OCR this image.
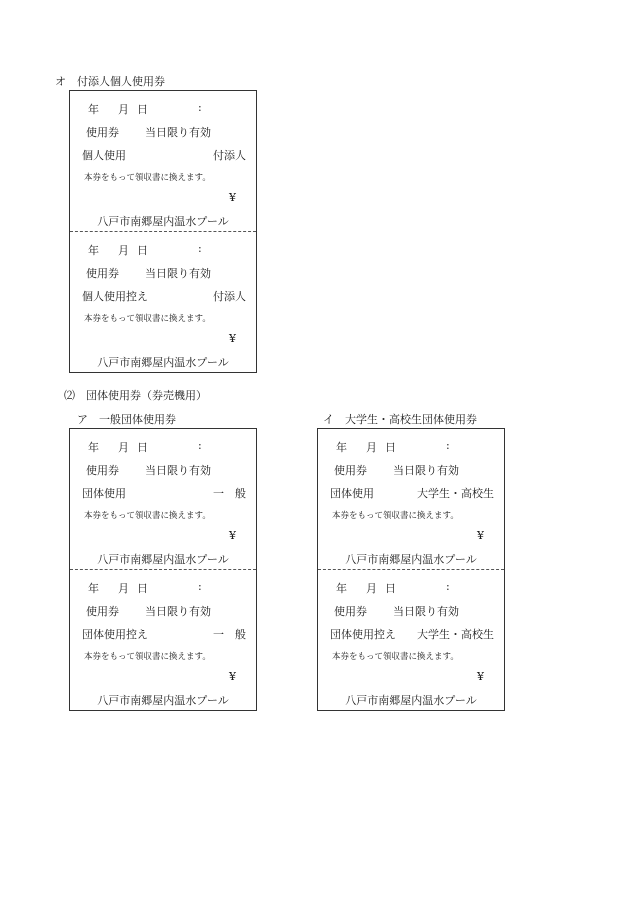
オ　付添人個人使用券
年 月 日	:
使用券 当日限り有効
個人使用	付添人
本券をもって領収書に換えます。
¥
八戸市南郷屋内温水プール
年 月 日	:
使用券 当日限り有効
個人使用控え	付添人
本券をもって領収書に換えます。
¥
八戸市南郷屋内温水プール
⑵　団体使用券（券売機用）
ア　一般団体使用券	イ　大学生・高校生団体使用券
年 月 日	:
使用券 当日限り有効
団体使用	一　般
本券をもって領収書に換えます。
¥
八戸市南郷屋内温水プール
年 月 日	:
使用券 当日限り有効
団体使用控え	一　般
本券をもって領収書に換えます。
¥
八戸市南郷屋内温水プール
年 月 日	:
使用券 当日限り有効
団体使用	大学生・高校生
本券をもって領収書に換えます。
¥
八戸市南郷屋内温水プール
年 月 日	:
使用券 当日限り有効
団体使用控え 大学生・高校生
本券をもって領収書に換えます。
¥
八戸市南郷屋内温水プール
